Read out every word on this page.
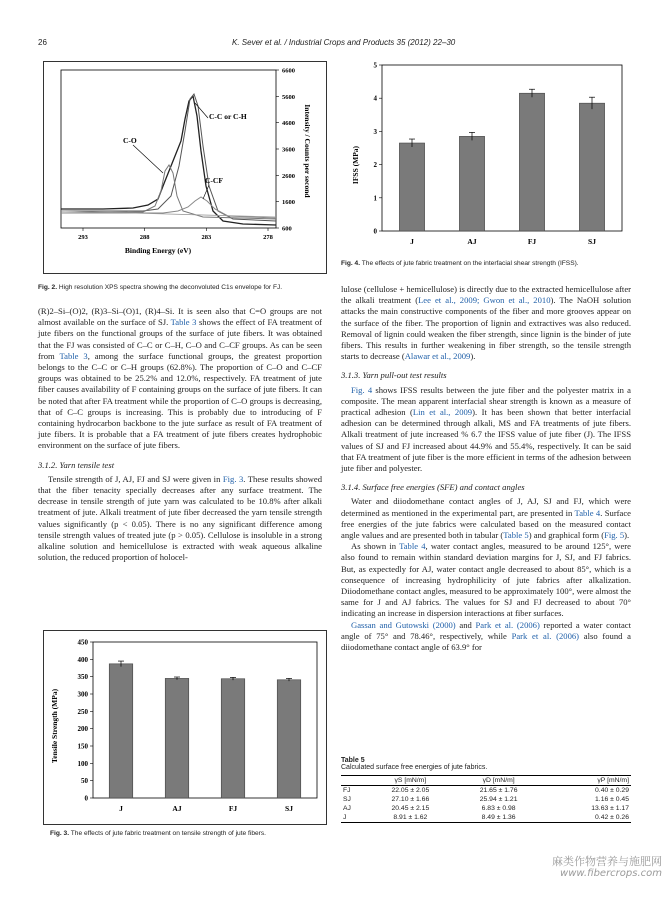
26	K. Sever et al. / Industrial Crops and Products 35 (2012) 22–30
600
1600
2600
3600
4600
5600
6600
293	288	283	278
Binding Energy (eV)
Intensity / Counts per second
C-C or C-H
C-O
C-CF
Fig. 2. High resolution XPS spectra showing the deconvoluted C1s envelope for FJ.

(R)2–Si–(O)2, (R)3–Si–(O)1, (R)4–Si. It is seen also that C=O groups are not almost available on the surface of SJ. Table 3 shows the effect of FA treatment of jute fibers on the functional groups of the surface of jute fibers. It was obtained that the FJ was consisted of C–C or C–H, C–O and C–CF groups. As can be seen from Table 3, among the surface functional groups, the greatest proportion belongs to the C–C or C–H groups (62.8%). The proportion of C–O and C–CF groups was obtained to be 25.2% and 12.0%, respectively. FA treatment of jute fiber causes availability of F containing groups on the surface of jute fibers. It can be noted that after FA treatment while the proportion of C–O groups is decreasing, that of C–C groups is increasing. This is probably due to introducing of F containing hydrocarbon backbone to the jute surface as result of FA treatment of jute fibers. It is probable that a FA treatment of jute fibers creates hydrophobic environment on the surface of jute fibers.

3.1.2. Yarn tensile test

Tensile strength of J, AJ, FJ and SJ were given in Fig. 3. These results showed that the fiber tenacity specially decreases after any surface treatment. The decrease in tensile strength of jute yarn was calculated to be 10.8% after alkali treatment of jute. Alkali treatment of jute fiber decreased the yarn tensile strength values significantly (p < 0.05). There is no any significant difference among tensile strength values of treated jute (p > 0.05). Cellulose is insoluble in a strong alkaline solution and hemicellulose is extracted with weak aqueous alkaline solution, the reduced proportion of holocel-

Tensile Strength (MPa)
0
50
100
150
200
250
300
350
400
450
J	AJ	FJ	SJ
Fig. 3. The effects of jute fabric treatment on tensile strength of jute fibers.
IFSS (MPa)
0
1
2
3
4
5
J	AJ	FJ	SJ
Fig. 4. The effects of jute fabric treatment on the interfacial shear strength (IFSS).

lulose (cellulose + hemicellulose) is directly due to the extracted hemicellulose after the alkali treatment (Lee et al., 2009; Gwon et al., 2010). The NaOH solution attacks the main constructive components of the fiber and more grooves appear on the surface of the fiber. The proportion of lignin and extractives was also reduced. Removal of lignin could weaken the fiber strength, since lignin is the binder of jute fibers. This results in further weakening in fiber strength, so the tensile strength starts to decrease (Alawar et al., 2009).

3.1.3. Yarn pull-out test results

Fig. 4 shows IFSS results between the jute fiber and the polyester matrix in a composite. The mean apparent interfacial shear strength is known as a measure of practical adhesion (Lin et al., 2009). It has been shown that better interfacial adhesion can be determined through alkali, MS and FA treatments of jute fibers. Alkali treatment of jute increased % 6.7 the IFSS value of jute fiber (J). The IFSS values of SJ and FJ increased about 44.9% and 55.4%, respectively. It can be said that FA treatment of jute fiber is the more efficient in terms of the adhesion between jute fiber and polyester.

3.1.4. Surface free energies (SFE) and contact angles

Water and diiodomethane contact angles of J, AJ, SJ and FJ, which were determined as mentioned in the experimental part, are presented in Table 4. Surface free energies of the jute fabrics were calculated based on the measured contact angle values and are presented both in tabular (Table 5) and graphical form (Fig. 5).

As shown in Table 4, water contact angles, measured to be around 125°, were also found to remain within standard deviation margins for J, SJ, and FJ fabrics. But, as expectedly for AJ, water contact angle decreased to about 85°, which is a consequence of increasing hydrophilicity of jute fabrics after alkalization. Diiodomethane contact angles, measured to be approximately 100°, were almost the same for J and AJ fabrics. The values for SJ and FJ decreased to about 70° indicating an increase in dispersion interactions at fiber surfaces.

Gassan and Gutowski (2000) and Park et al. (2006) reported a water contact angle of 75° and 78.46°, respectively, while Park et al. (2006) also found a diiodomethane contact angle of 63.9° for

Table 5
Calculated surface free energies of jute fabrics.
	γS [mN/m]	γD [mN/m]	γP [mN/m]
FJ	22.05 ± 2.05	21.65 ± 1.76	0.40 ± 0.29
SJ	27.10 ± 1.66	25.94 ± 1.21	1.16 ± 0.45
AJ	20.45 ± 2.15	6.83 ± 0.98	13.63 ± 1.17
J	8.91 ± 1.62	8.49 ± 1.36	0.42 ± 0.26
麻类作物营养与施肥网
www.fibercrops.com
